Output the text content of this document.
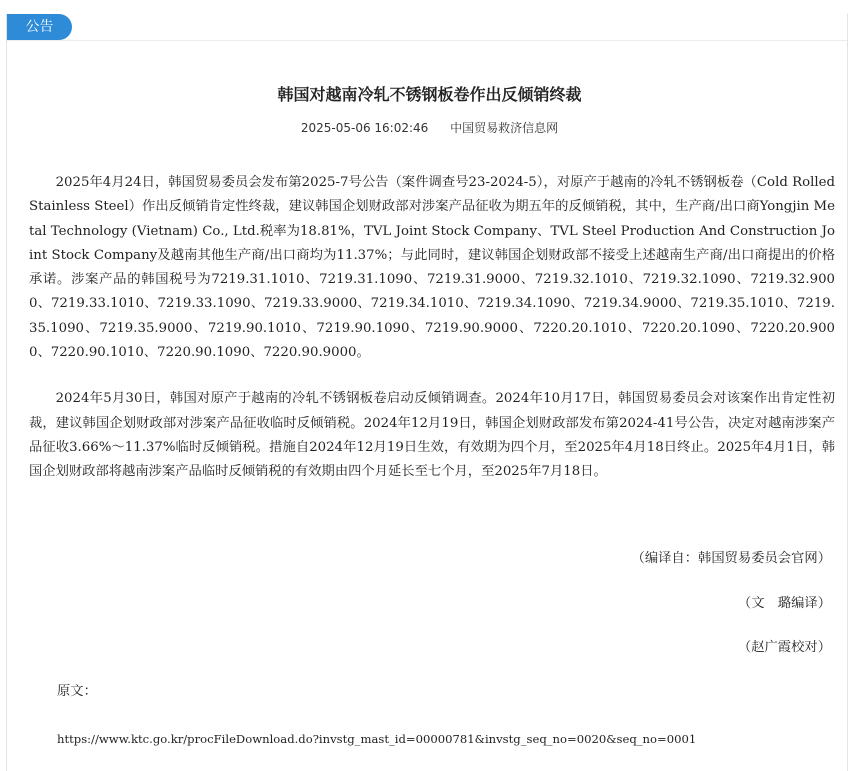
公告
韩国对越南冷轧不锈钢板卷作出反倾销终裁
2025-05-06 16:02:46 中国贸易救济信息网

2025年4月24日，韩国贸易委员会发布第2025-7号公告（案件调查号23-2024-5），对原产于越南的冷轧不锈钢板卷（Cold Rolled Stainless Steel）作出反倾销肯定性终裁，建议韩国企划财政部对涉案产品征收为期五年的反倾销税，其中，生产商/出口商Yongjin Metal Technology (Vietnam) Co., Ltd.税率为18.81%，TVL Joint Stock Company、TVL Steel Production And Construction Joint Stock Company及越南其他生产商/出口商均为11.37%；与此同时，建议韩国企划财政部不接受上述越南生产商/出口商提出的价格承诺。涉案产品的韩国税号为7219.31.1010、7219.31.1090、7219.31.9000、7219.32.1010、7219.32.1090、7219.32.9000、7219.33.1010、7219.33.1090、7219.33.9000、7219.34.1010、7219.34.1090、7219.34.9000、7219.35.1010、7219.35.1090、7219.35.9000、7219.90.1010、7219.90.1090、7219.90.9000、7220.20.1010、7220.20.1090、7220.20.9000、7220.90.1010、7220.90.1090、7220.90.9000。

2024年5月30日，韩国对原产于越南的冷轧不锈钢板卷启动反倾销调查。2024年10月17日，韩国贸易委员会对该案作出肯定性初裁，建议韩国企划财政部对涉案产品征收临时反倾销税。2024年12月19日，韩国企划财政部发布第2024-41号公告，决定对越南涉案产品征收3.66%～11.37%临时反倾销税。措施自2024年12月19日生效，有效期为四个月，至2025年4月18日终止。2025年4月1日，韩国企划财政部将越南涉案产品临时反倾销税的有效期由四个月延长至七个月，至2025年7月18日。

（编译自：韩国贸易委员会官网）
（文　璐编译）
（赵广霞校对）
原文：
https://www.ktc.go.kr/procFileDownload.do?invstg_mast_id=00000781&invstg_seq_no=0020&seq_no=0001
